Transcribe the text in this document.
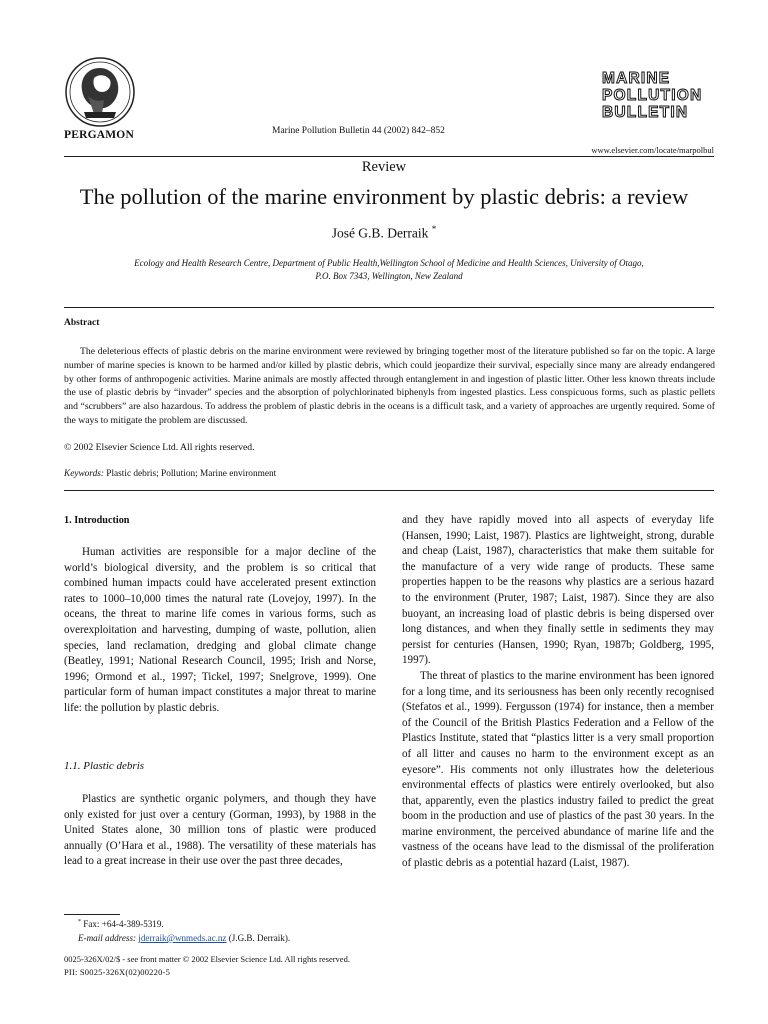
PERGAMON	Marine Pollution Bulletin 44 (2002) 842–852
MARINE
POLLUTION
BULLETIN
www.elsevier.com/locate/marpolbul
Review
The pollution of the marine environment by plastic debris: a review
José G.B. Derraik *
Ecology and Health Research Centre, Department of Public Health,Wellington School of Medicine and Health Sciences, University of Otago,
P.O. Box 7343, Wellington, New Zealand
Abstract

The deleterious effects of plastic debris on the marine environment were reviewed by bringing together most of the literature published so far on the topic. A large number of marine species is known to be harmed and/or killed by plastic debris, which could jeopardize their survival, especially since many are already endangered by other forms of anthropogenic activities. Marine animals are mostly affected through entanglement in and ingestion of plastic litter. Other less known threats include the use of plastic debris by “invader” species and the absorption of polychlorinated biphenyls from ingested plastics. Less conspicuous forms, such as plastic pellets and “scrubbers” are also hazardous. To address the problem of plastic debris in the oceans is a difficult task, and a variety of approaches are urgently required. Some of the ways to mitigate the problem are discussed.

© 2002 Elsevier Science Ltd. All rights reserved.
Keywords: Plastic debris; Pollution; Marine environment
1. Introduction

Human activities are responsible for a major decline of the world’s biological diversity, and the problem is so critical that combined human impacts could have accelerated present extinction rates to 1000–10,000 times the natural rate (Lovejoy, 1997). In the oceans, the threat to marine life comes in various forms, such as overexploitation and harvesting, dumping of waste, pollution, alien species, land reclamation, dredging and global climate change (Beatley, 1991; National Research Council, 1995; Irish and Norse, 1996; Ormond et al., 1997; Tickel, 1997; Snelgrove, 1999). One particular form of human impact constitutes a major threat to marine life: the pollution by plastic debris.

1.1. Plastic debris

Plastics are synthetic organic polymers, and though they have only existed for just over a century (Gorman, 1993), by 1988 in the United States alone, 30 million tons of plastic were produced annually (O’Hara et al., 1988). The versatility of these materials has lead to a great increase in their use over the past three decades,

and they have rapidly moved into all aspects of everyday life (Hansen, 1990; Laist, 1987). Plastics are lightweight, strong, durable and cheap (Laist, 1987), characteristics that make them suitable for the manufacture of a very wide range of products. These same properties happen to be the reasons why plastics are a serious hazard to the environment (Pruter, 1987; Laist, 1987). Since they are also buoyant, an increasing load of plastic debris is being dispersed over long distances, and when they finally settle in sediments they may persist for centuries (Hansen, 1990; Ryan, 1987b; Goldberg, 1995, 1997).

The threat of plastics to the marine environment has been ignored for a long time, and its seriousness has been only recently recognised (Stefatos et al., 1999). Fergusson (1974) for instance, then a member of the Council of the British Plastics Federation and a Fellow of the Plastics Institute, stated that “plastics litter is a very small proportion of all litter and causes no harm to the environment except as an eyesore”. His comments not only illustrates how the deleterious environmental effects of plastics were entirely overlooked, but also that, apparently, even the plastics industry failed to predict the great boom in the production and use of plastics of the past 30 years. In the marine environment, the perceived abundance of marine life and the vastness of the oceans have lead to the dismissal of the proliferation of plastic debris as a potential hazard (Laist, 1987).

* Fax: +64-4-389-5319.
E-mail address: jderraik@wnmeds.ac.nz (J.G.B. Derraik).
0025-326X/02/$ - see front matter © 2002 Elsevier Science Ltd. All rights reserved.
PII: S0025-326X(02)00220-5
